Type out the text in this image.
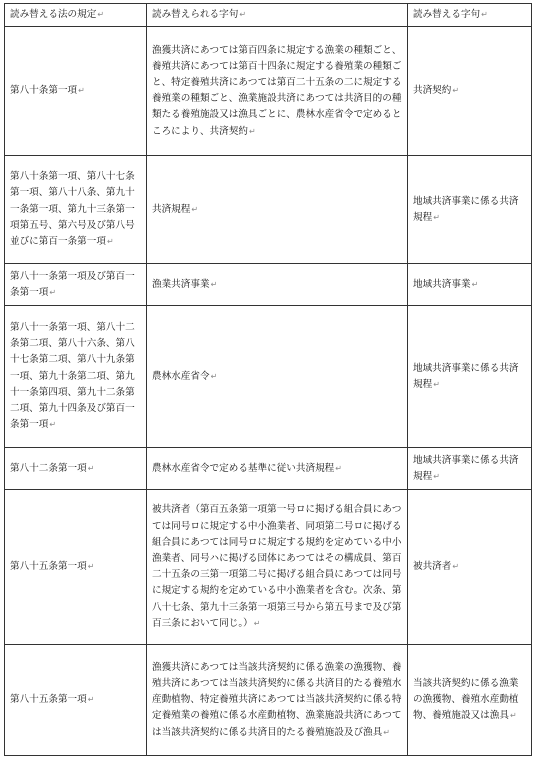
読み替える法の規定↵	読み替えられる字句↵	読み替える字句↵
第八十条第一項↵	漁獲共済にあつては第百四条に規定する漁業の種類ごと、養殖共済にあつては第百十四条に規定する養殖業の種類ごと、特定養殖共済にあつては第百二十五条の二に規定する養殖業の種類ごと、漁業施設共済にあつては共済目的の種類たる養殖施設又は漁具ごとに、農林水産省令で定めるところにより、共済契約↵	共済契約↵
第八十条第一項、第八十七条第一項、第八十八条、第九十一条第一項、第九十三条第一項第五号、第六号及び第八号並びに第百一条第一項↵	共済規程↵	地域共済事業に係る共済規程↵
第八十一条第一項及び第百一条第一項↵	漁業共済事業↵	地域共済事業↵
第八十一条第一項、第八十二条第二項、第八十六条、第八十七条第二項、第八十九条第一項、第九十条第二項、第九十一条第四項、第九十二条第二項、第九十四条及び第百一条第一項↵	農林水産省令↵	地域共済事業に係る共済規程↵
第八十二条第一項↵	農林水産省令で定める基準に従い共済規程↵	地域共済事業に係る共済規程↵
第八十五条第一項↵	被共済者（第百五条第一項第一号ロに掲げる組合員にあつては同号ロに規定する中小漁業者、同項第二号ロに掲げる組合員にあつては同号ロに規定する規約を定めている中小漁業者、同号ハに掲げる団体にあつてはその構成員、第百二十五条の三第一項第二号に掲げる組合員にあつては同号に規定する規約を定めている中小漁業者を含む。次条、第八十七条、第九十三条第一項第三号から第五号まで及び第百三条において同じ。）↵	被共済者↵
第八十五条第一項↵	漁獲共済にあつては当該共済契約に係る漁業の漁獲物、養殖共済にあつては当該共済契約に係る共済目的たる養殖水産動植物、特定養殖共済にあつては当該共済契約に係る特定養殖業の養殖に係る水産動植物、漁業施設共済にあつては当該共済契約に係る共済目的たる養殖施設及び漁具↵	当該共済契約に係る漁業の漁獲物、養殖水産動植物、養殖施設又は漁具↵
